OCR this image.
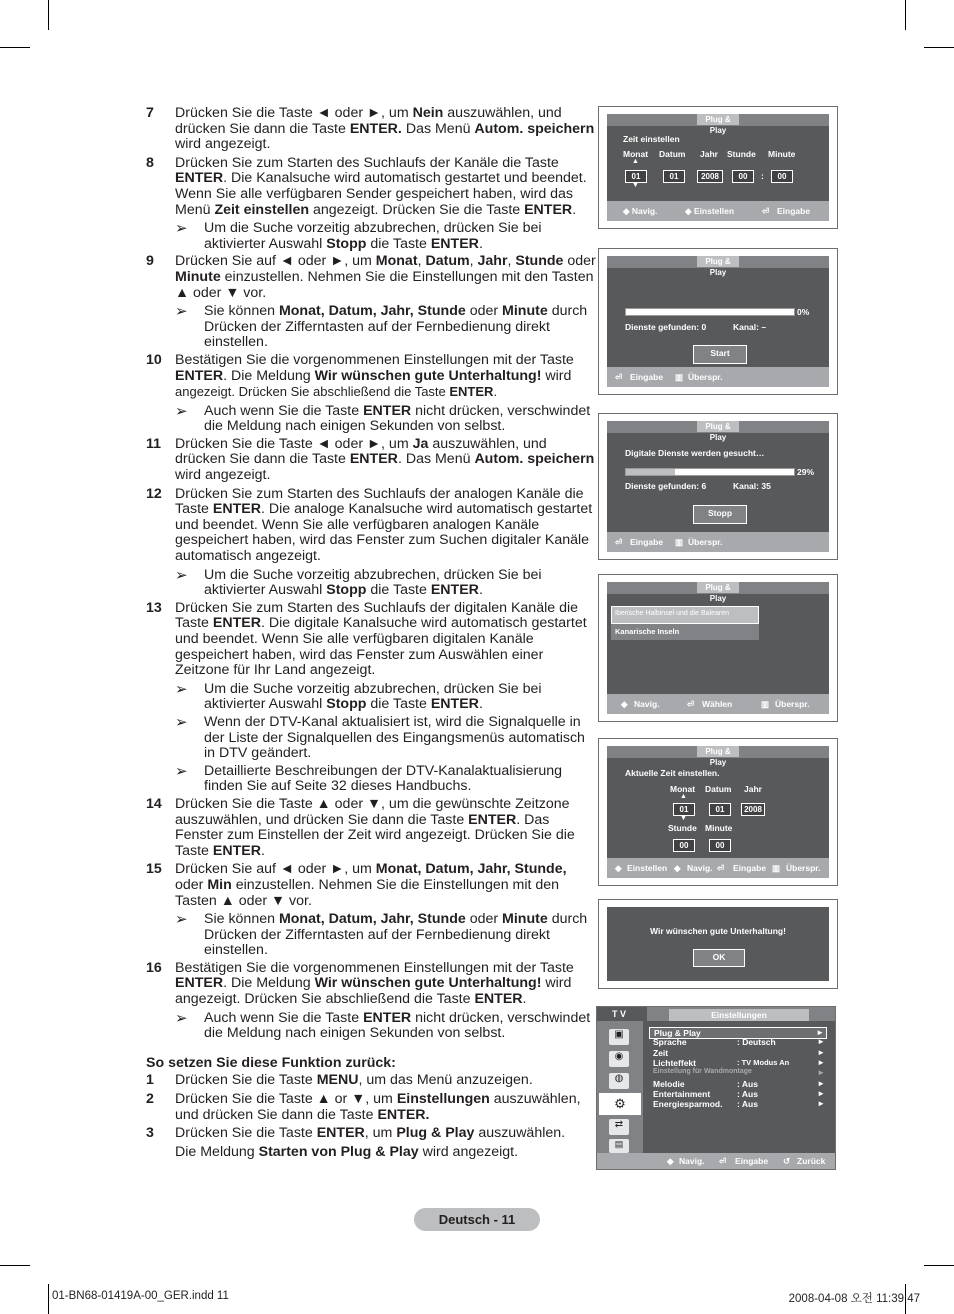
7 Drücken Sie die Taste ◄ oder ►, um Nein auszuwählen, und drücken Sie dann die Taste ENTER. Das Menü Autom. speichern wird angezeigt.
8 Drücken Sie zum Starten des Suchlaufs der Kanäle die Taste ENTER. Die Kanalsuche wird automatisch gestartet und beendet. Wenn Sie alle verfügbaren Sender gespeichert haben, wird das Menü Zeit einstellen angezeigt. Drücken Sie die Taste ENTER.
➢ Um die Suche vorzeitig abzubrechen, drücken Sie bei aktivierter Auswahl Stopp die Taste ENTER.
9 Drücken Sie auf ◄ oder ►, um Monat, Datum, Jahr, Stunde oder Minute einzustellen. Nehmen Sie die Einstellungen mit den Tasten ▲ oder ▼ vor.
➢ Sie können Monat, Datum, Jahr, Stunde oder Minute durch Drücken der Zifferntasten auf der Fernbedienung direkt einstellen.
10 Bestätigen Sie die vorgenommenen Einstellungen mit der Taste ENTER. Die Meldung Wir wünschen gute Unterhaltung! wird angezeigt. Drücken Sie abschließend die Taste ENTER.
➢ Auch wenn Sie die Taste ENTER nicht drücken, verschwindet die Meldung nach einigen Sekunden von selbst.
11 Drücken Sie die Taste ◄ oder ►, um Ja auszuwählen, und drücken Sie dann die Taste ENTER. Das Menü Autom. speichern wird angezeigt.
12 Drücken Sie zum Starten des Suchlaufs der analogen Kanäle die Taste ENTER. Die analoge Kanalsuche wird automatisch gestartet und beendet. Wenn Sie alle verfügbaren analogen Kanäle gespeichert haben, wird das Fenster zum Suchen digitaler Kanäle automatisch angezeigt.
➢ Um die Suche vorzeitig abzubrechen, drücken Sie bei aktivierter Auswahl Stopp die Taste ENTER.
13 Drücken Sie zum Starten des Suchlaufs der digitalen Kanäle die Taste ENTER. Die digitale Kanalsuche wird automatisch gestartet und beendet. Wenn Sie alle verfügbaren digitalen Kanäle gespeichert haben, wird das Fenster zum Auswählen einer Zeitzone für Ihr Land angezeigt.
➢ Um die Suche vorzeitig abzubrechen, drücken Sie bei aktivierter Auswahl Stopp die Taste ENTER.
➢ Wenn der DTV-Kanal aktualisiert ist, wird die Signalquelle in der Liste der Signalquellen des Eingangsmenüs automatisch in DTV geändert.
➢ Detaillierte Beschreibungen der DTV-Kanalaktualisierung finden Sie auf Seite 32 dieses Handbuchs.
14 Drücken Sie die Taste ▲ oder ▼, um die gewünschte Zeitzone auszuwählen, und drücken Sie dann die Taste ENTER. Das Fenster zum Einstellen der Zeit wird angezeigt. Drücken Sie die Taste ENTER.
15 Drücken Sie auf ◄ oder ►, um Monat, Datum, Jahr, Stunde, oder Min einzustellen. Nehmen Sie die Einstellungen mit den Tasten ▲ oder ▼ vor.
➢ Sie können Monat, Datum, Jahr, Stunde oder Minute durch Drücken der Zifferntasten auf der Fernbedienung direkt einstellen.
16 Bestätigen Sie die vorgenommenen Einstellungen mit der Taste ENTER. Die Meldung Wir wünschen gute Unterhaltung! wird angezeigt. Drücken Sie abschließend die Taste ENTER.
➢ Auch wenn Sie die Taste ENTER nicht drücken, verschwindet die Meldung nach einigen Sekunden von selbst.
So setzen Sie diese Funktion zurück:
1 Drücken Sie die Taste MENU, um das Menü anzuzeigen.
2 Drücken Sie die Taste ▲ or ▼, um Einstellungen auszuwählen, und drücken Sie dann die Taste ENTER.
3 Drücken Sie die Taste ENTER, um Plug & Play auszuwählen.
Die Meldung Starten von Plug & Play wird angezeigt.
Plug & Play
Zeit einstellen
Monat Datum Jahr Stunde Minute
▲
01	01	2008	00	:	00
▼
◆ Navig.	◆ Einstellen	⏎ Eingabe
Plug & Play
0%
Dienste gefunden: 0	Kanal: –
Start
⏎ Eingabe ▥ Überspr.
Plug & Play
Digitale Dienste werden gesucht…
29%
Dienste gefunden: 6	Kanal: 35
Stopp
⏎ Eingabe ▥ Überspr.
Plug & Play
Iberische Halbinsel und die Balearen
Kanarische Inseln
◆ Navig.	⏎ Wählen	▥ Überspr.
Plug & Play
Aktuelle Zeit einstellen.
Monat Datum Jahr
▲
01	01	2008
▼
Stunde Minute
00	00
◆ Einstellen ◆ Navig. ⏎ Eingabe ▥ Überspr.
Wir wünschen gute Unterhaltung!
OK
T V	Einstellungen
▣
◉
◍
⚙
⇄
▤
Plug & Play	►
Sprache	: Deutsch	►
Zeit	►
Lichteffekt	: TV Modus An	►
Einstellung für Wandmontage	►
Melodie	: Aus	►
Entertainment	: Aus	►
Energiesparmod. : Aus	►
◆ Navig. ⏎ Eingabe ↺ Zurück
Deutsch - 11
01-BN68-01419A-00_GER.indd 11	2008-04-08 오전 11:39:47
